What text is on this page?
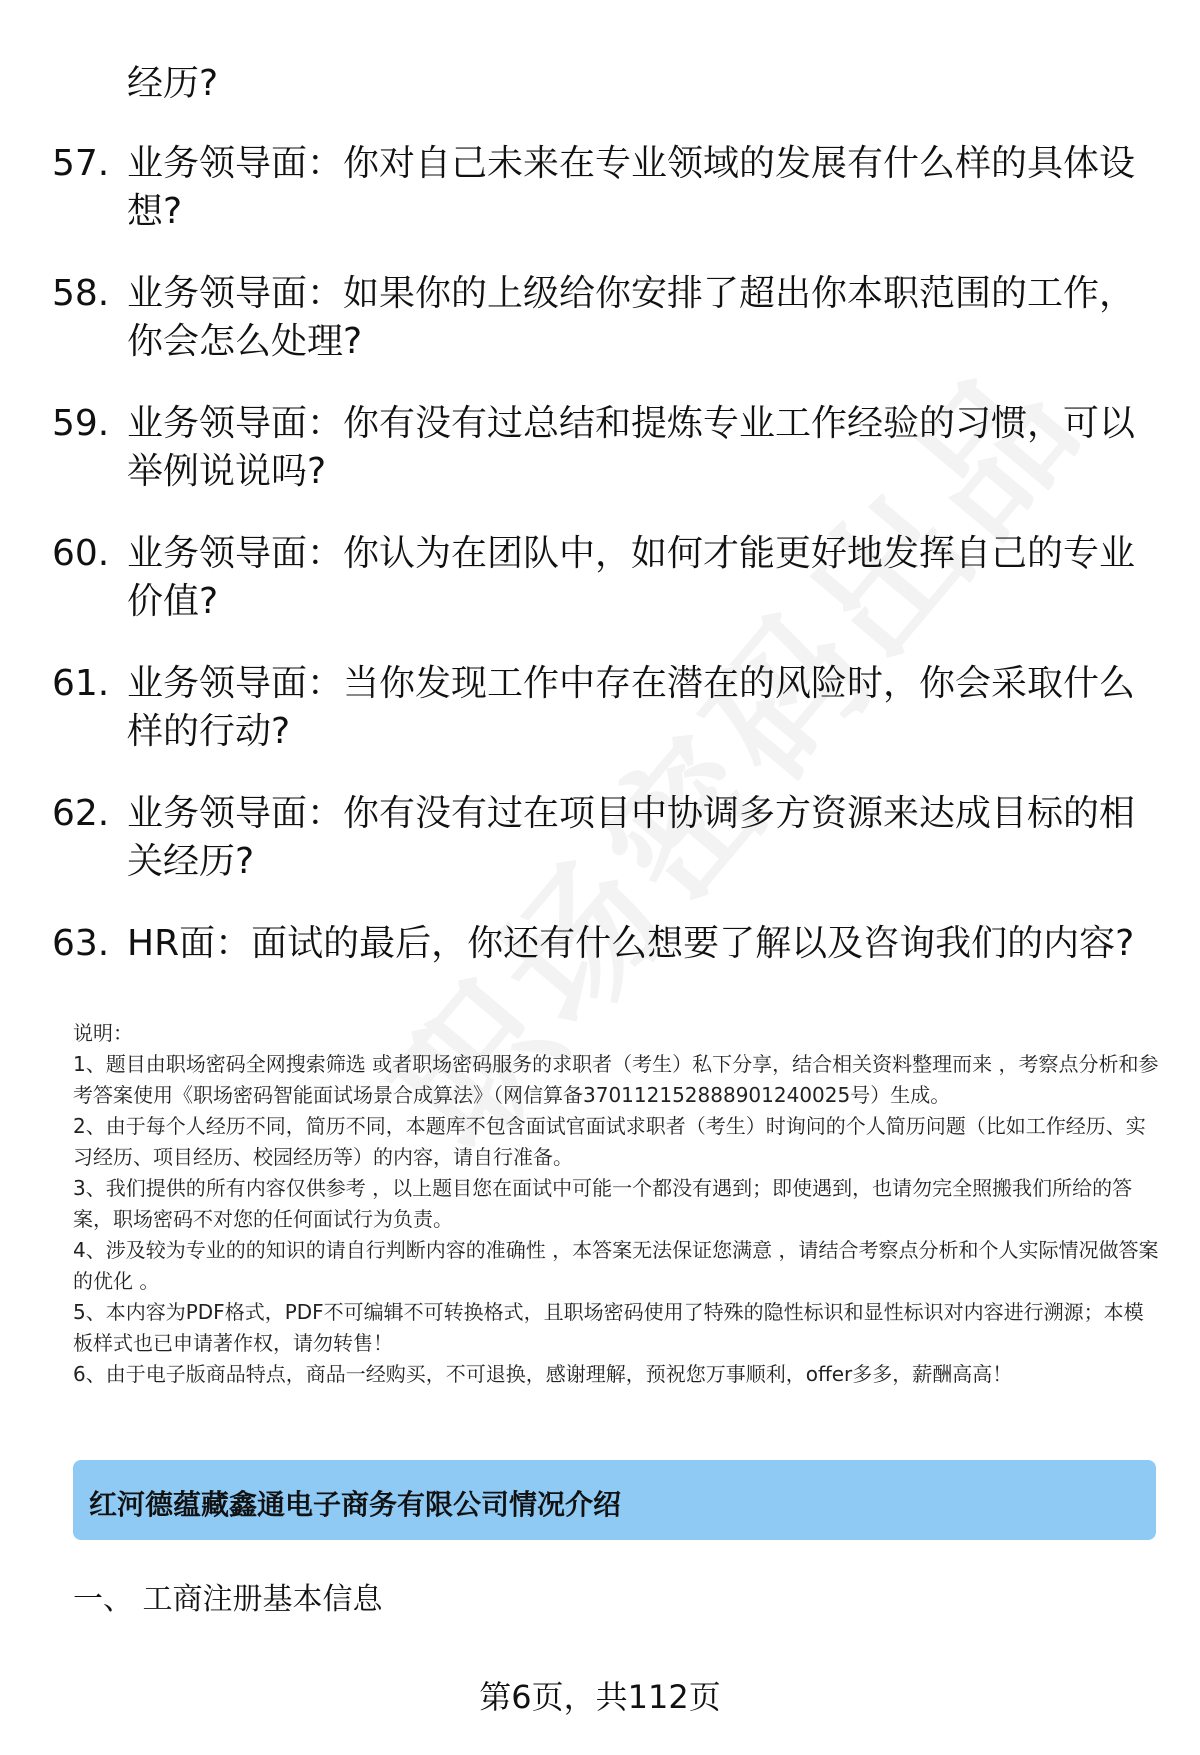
经历?
57. 业务领导面：你对自己未来在专业领域的发展有什么样的具体设想?
58. 业务领导面：如果你的上级给你安排了超出你本职范围的工作，你会怎么处理?
59. 业务领导面：你有没有过总结和提炼专业工作经验的习惯，可以举例说说吗?
60. 业务领导面：你认为在团队中，如何才能更好地发挥自己的专业价值?
61. 业务领导面：当你发现工作中存在潜在的风险时，你会采取什么样的行动?
62. 业务领导面：你有没有过在项目中协调多方资源来达成目标的相关经历?
63. HR面：面试的最后，你还有什么想要了解以及咨询我们的内容?

说明：

1、题目由职场密码全网搜索筛选 或者职场密码服务的求职者（考生）私下分享，结合相关资料整理而来 ，考察点分析和参考答案使用《职场密码智能面试场景合成算法》（网信算备370112152888901240025号）生成。

2、由于每个人经历不同，简历不同，本题库不包含面试官面试求职者（考生）时询问的个人简历问题（比如工作经历、实习经历、项目经历、校园经历等）的内容，请自行准备。

3、我们提供的所有内容仅供参考 ，以上题目您在面试中可能一个都没有遇到；即使遇到，也请勿完全照搬我们所给的答案，职场密码不对您的任何面试行为负责。

4、涉及较为专业的的知识的请自行判断内容的准确性 ，本答案无法保证您满意 ，请结合考察点分析和个人实际情况做答案的优化 。

5、本内容为PDF格式，PDF不可编辑不可转换格式，且职场密码使用了特殊的隐性标识和显性标识对内容进行溯源；本模板样式也已申请著作权，请勿转售！

6、由于电子版商品特点，商品一经购买，不可退换，感谢理解，预祝您万事顺利，offer多多，薪酬高高！

红河德蕴藏鑫通电子商务有限公司情况介绍
一、 工商注册基本信息
第6页，共112页
